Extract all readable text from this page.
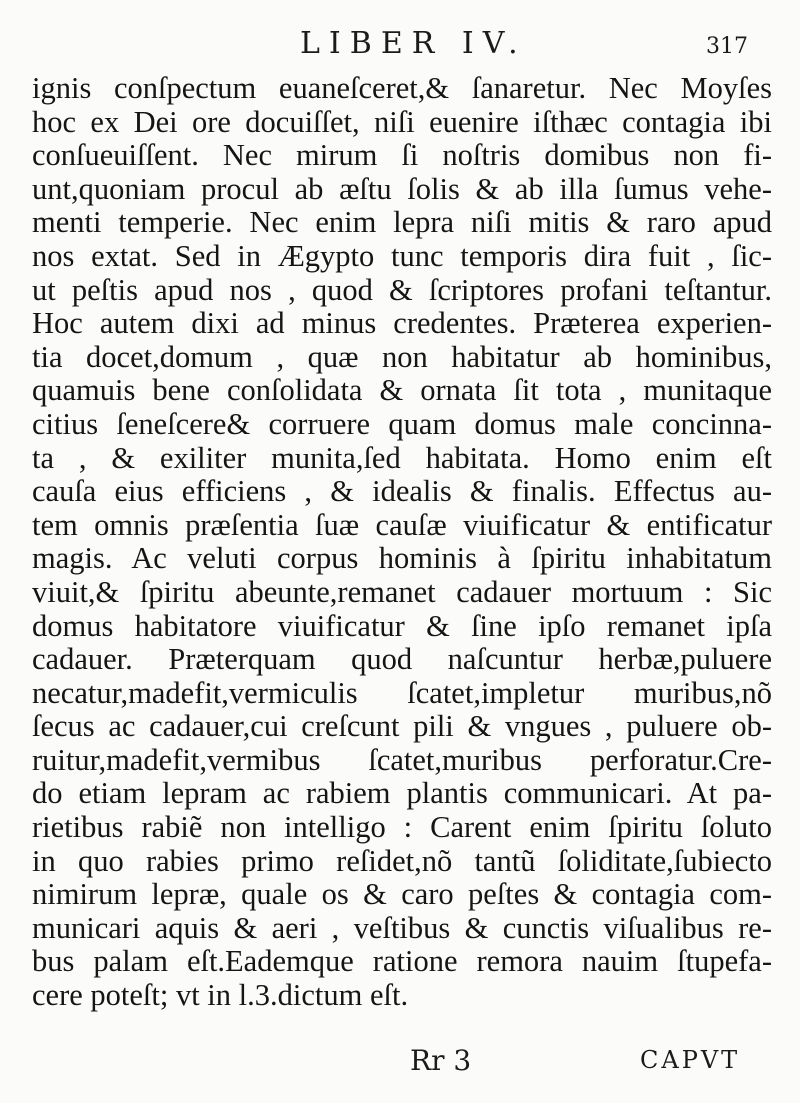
LIBER IV.	317
ignis conſpectum euaneſceret,& ſanaretur. Nec Moyſes
hoc ex Dei ore docuiſſet, niſi euenire iſthæc contagia ibi
conſueuiſſent. Nec mirum ſi noſtris domibus non fi-
unt,quoniam procul ab æſtu ſolis & ab illa ſumus vehe-
menti temperie. Nec enim lepra niſi mitis & raro apud
nos extat. Sed in Ægypto tunc temporis dira fuit , ſic-
ut peſtis apud nos , quod & ſcriptores profani teſtantur.
Hoc autem dixi ad minus credentes. Præterea experien-
tia docet,domum , quæ non habitatur ab hominibus,
quamuis bene conſolidata & ornata ſit tota , munitaque
citius ſeneſcere& corruere quam domus male concinna-
ta , & exiliter munita,ſed habitata. Homo enim eſt
cauſa eius efficiens , & idealis & finalis. Effectus au-
tem omnis præſentia ſuæ cauſæ viuificatur & entificatur
magis. Ac veluti corpus hominis à ſpiritu inhabitatum
viuit,& ſpiritu abeunte,remanet cadauer mortuum : Sic
domus habitatore viuificatur & ſine ipſo remanet ipſa
cadauer. Præterquam quod naſcuntur herbæ,puluere
necatur,madefit,vermiculis ſcatet,impletur muribus,nõ
ſecus ac cadauer,cui creſcunt pili & vngues , puluere ob-
ruitur,madefit,vermibus ſcatet,muribus perforatur.Cre-
do etiam lepram ac rabiem plantis communicari. At pa-
rietibus rabiẽ non intelligo : Carent enim ſpiritu ſoluto
in quo rabies primo reſidet,nõ tantũ ſoliditate,ſubiecto
nimirum lepræ, quale os & caro peſtes & contagia com-
municari aquis & aeri , veſtibus & cunctis viſualibus re-
bus palam eſt.Eademque ratione remora nauim ſtupefa-
cere poteſt; vt in l.3.dictum eſt.
Rr 3	CAPVT
